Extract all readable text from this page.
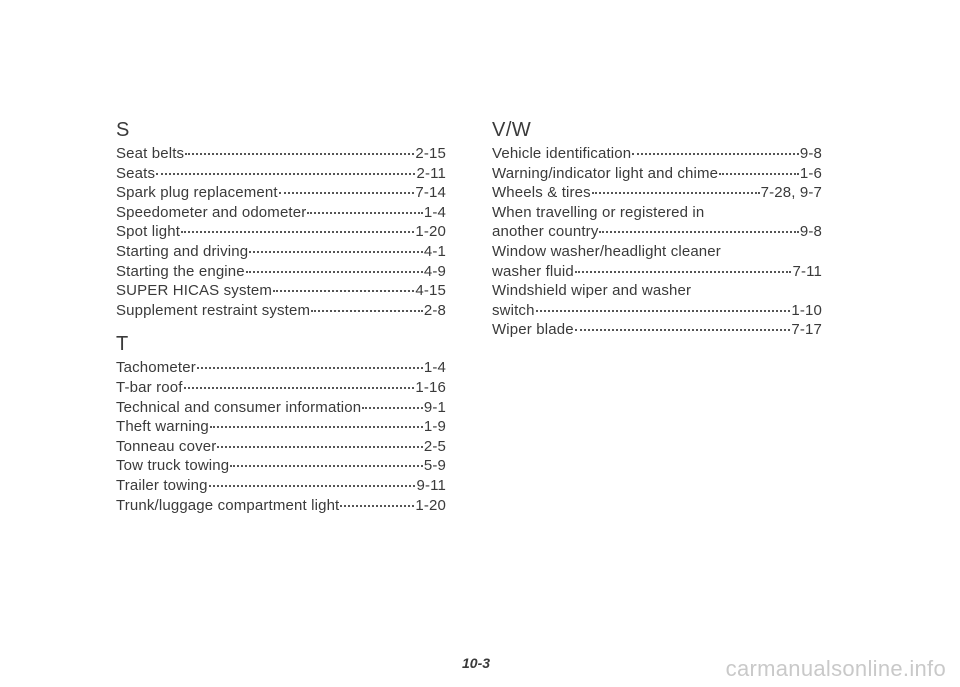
S
Seat belts	2-15
Seats	2-11
Spark plug replacement	7-14
Speedometer and odometer	1-4
Spot light	1-20
Starting and driving	4-1
Starting the engine	4-9
SUPER HICAS system	4-15
Supplement restraint system	2-8
T
Tachometer	1-4
T-bar roof	1-16
Technical and consumer information	9-1
Theft warning	1-9
Tonneau cover	2-5
Tow truck towing	5-9
Trailer towing	9-11
Trunk/luggage compartment light	1-20
V/W
Vehicle identification	9-8
Warning/indicator light and chime	1-6
Wheels & tires	7-28, 9-7
When travelling or registered in
another country	9-8
Window washer/headlight cleaner
washer fluid	7-11
Windshield wiper and washer
switch	1-10
Wiper blade	7-17
10-3	carmanualsonline.info
